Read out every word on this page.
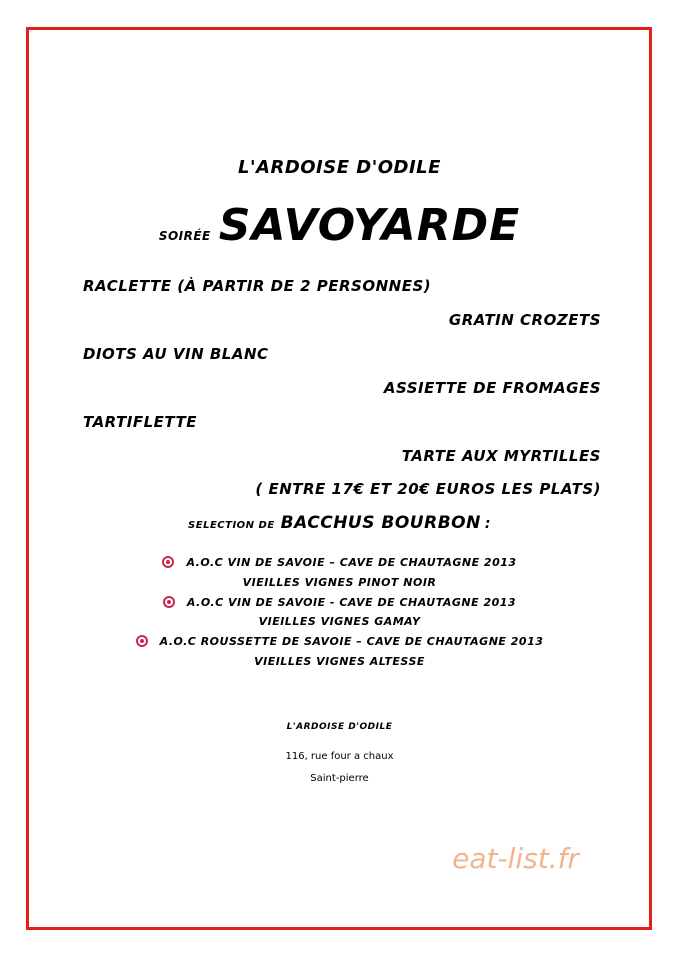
L'ARDOISE D'ODILE
SOIRÉE SAVOYARDE
RACLETTE (À PARTIR DE 2 PERSONNES)
GRATIN CROZETS
DIOTS AU VIN BLANC
ASSIETTE DE FROMAGES
TARTIFLETTE
TARTE AUX MYRTILLES
( ENTRE 17€ ET 20€ EUROS LES PLATS)
SELECTION DE BACCHUS BOURBON :
A.O.C VIN DE SAVOIE – CAVE DE CHAUTAGNE 2013
VIEILLES VIGNES PINOT NOIR
A.O.C VIN DE SAVOIE - CAVE DE CHAUTAGNE 2013
VIEILLES VIGNES GAMAY
A.O.C ROUSSETTE DE SAVOIE – CAVE DE CHAUTAGNE 2013
VIEILLES VIGNES ALTESSE
L'ARDOISE D'ODILE
116, rue four a chaux
Saint-pierre
eat-list.fr
